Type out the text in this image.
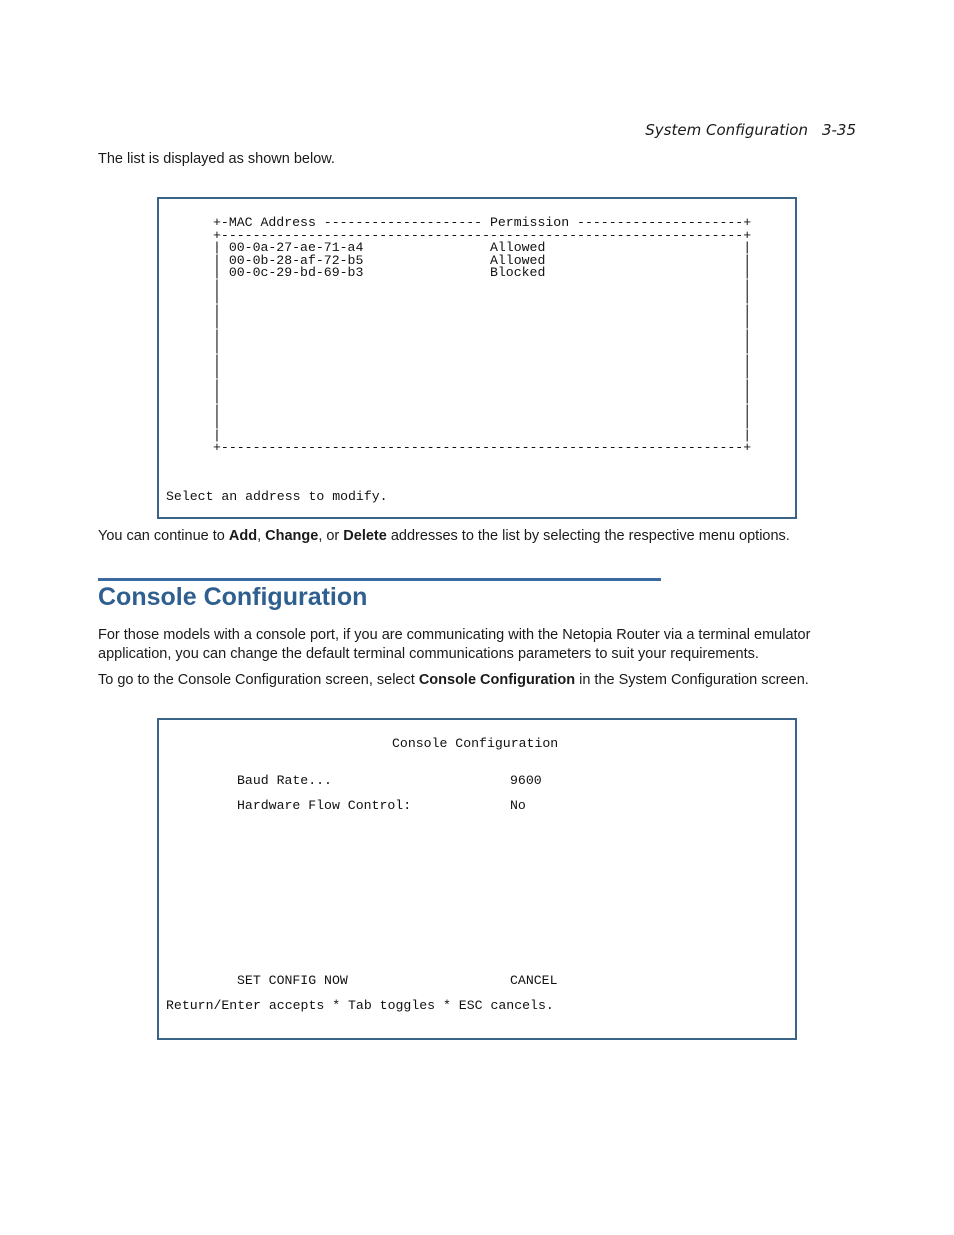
System Configuration 3-35

The list is displayed as shown below.

+-MAC Address -------------------- Permission ---------------------+
+------------------------------------------------------------------+
| 00-0a-27-ae-71-a4                Allowed                         |
| 00-0b-28-af-72-b5                Allowed                         |
| 00-0c-29-bd-69-b3                Blocked                         |
|                                                                  |
|                                                                  |
|                                                                  |
|                                                                  |
|                                                                  |
|                                                                  |
|                                                                  |
|                                                                  |
|                                                                  |
|                                                                  |
|                                                                  |
|                                                                  |
|                                                                  |
+------------------------------------------------------------------+
Select an address to modify.

You can continue to Add, Change, or Delete addresses to the list by selecting the respective menu options.

Console Configuration

For those models with a console port, if you are communicating with the Netopia Router via a terminal emulator application, you can change the default terminal communications parameters to suit your requirements.

To go to the Console Configuration screen, select Console Configuration in the System Configuration screen.

Console Configuration
Baud Rate...	9600
Hardware Flow Control:	No
SET CONFIG NOW	CANCEL
Return/Enter accepts * Tab toggles * ESC cancels.
